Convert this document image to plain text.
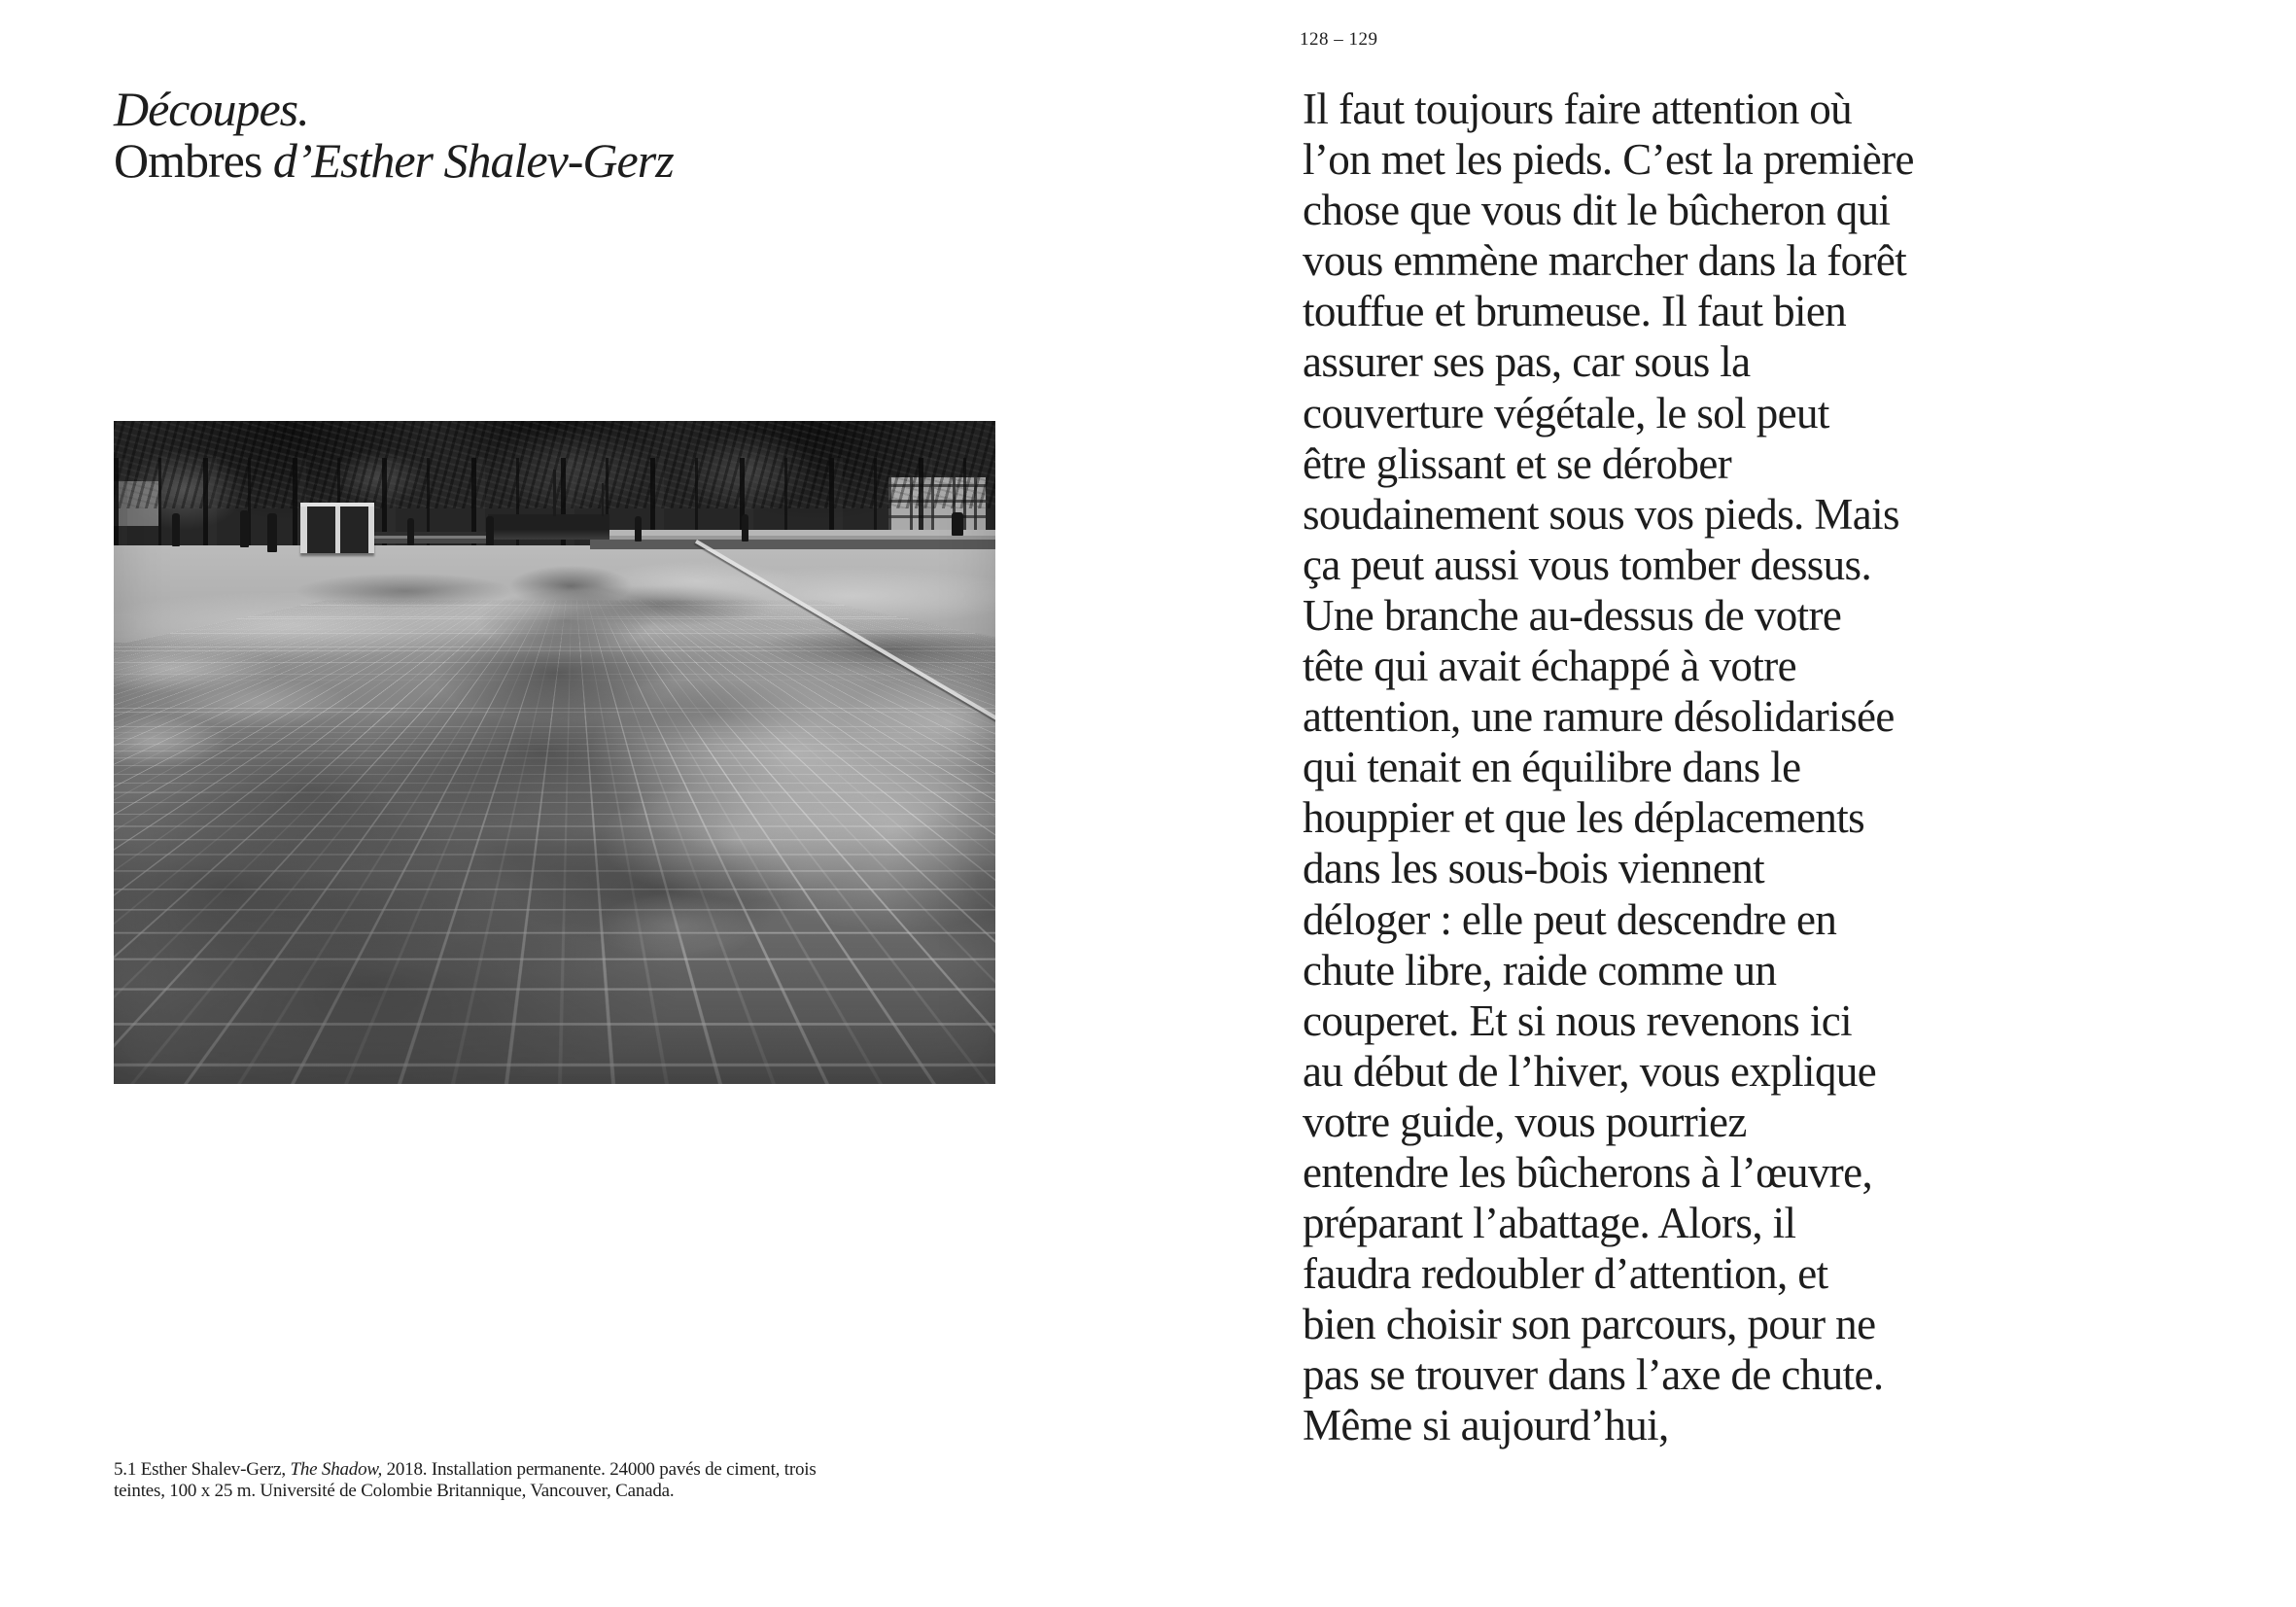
Découpes.
Ombres d’Esther Shalev-Gerz
5.1 Esther Shalev-Gerz, The Shadow, 2018. Installation permanente. 24000 pavés de ciment, trois
teintes, 100 x 25 m. Université de Colombie Britannique, Vancouver, Canada.
128 – 129
Il faut toujours faire attention où
l’on met les pieds. C’est la première
chose que vous dit le bûcheron qui
vous emmène marcher dans la forêt
touffue et brumeuse. Il faut bien
assurer ses pas, car sous la
couverture végétale, le sol peut
être glissant et se dérober
soudainement sous vos pieds. Mais
ça peut aussi vous tomber dessus.
Une branche au-dessus de votre
tête qui avait échappé à votre
attention, une ramure désolidarisée
qui tenait en équilibre dans le
houppier et que les déplacements
dans les sous-bois viennent
déloger : elle peut descendre en
chute libre, raide comme un
couperet. Et si nous revenons ici
au début de l’hiver, vous explique
votre guide, vous pourriez
entendre les bûcherons à l’œuvre,
préparant l’abattage. Alors, il
faudra redoubler d’attention, et
bien choisir son parcours, pour ne
pas se trouver dans l’axe de chute.
Même si aujourd’hui,
